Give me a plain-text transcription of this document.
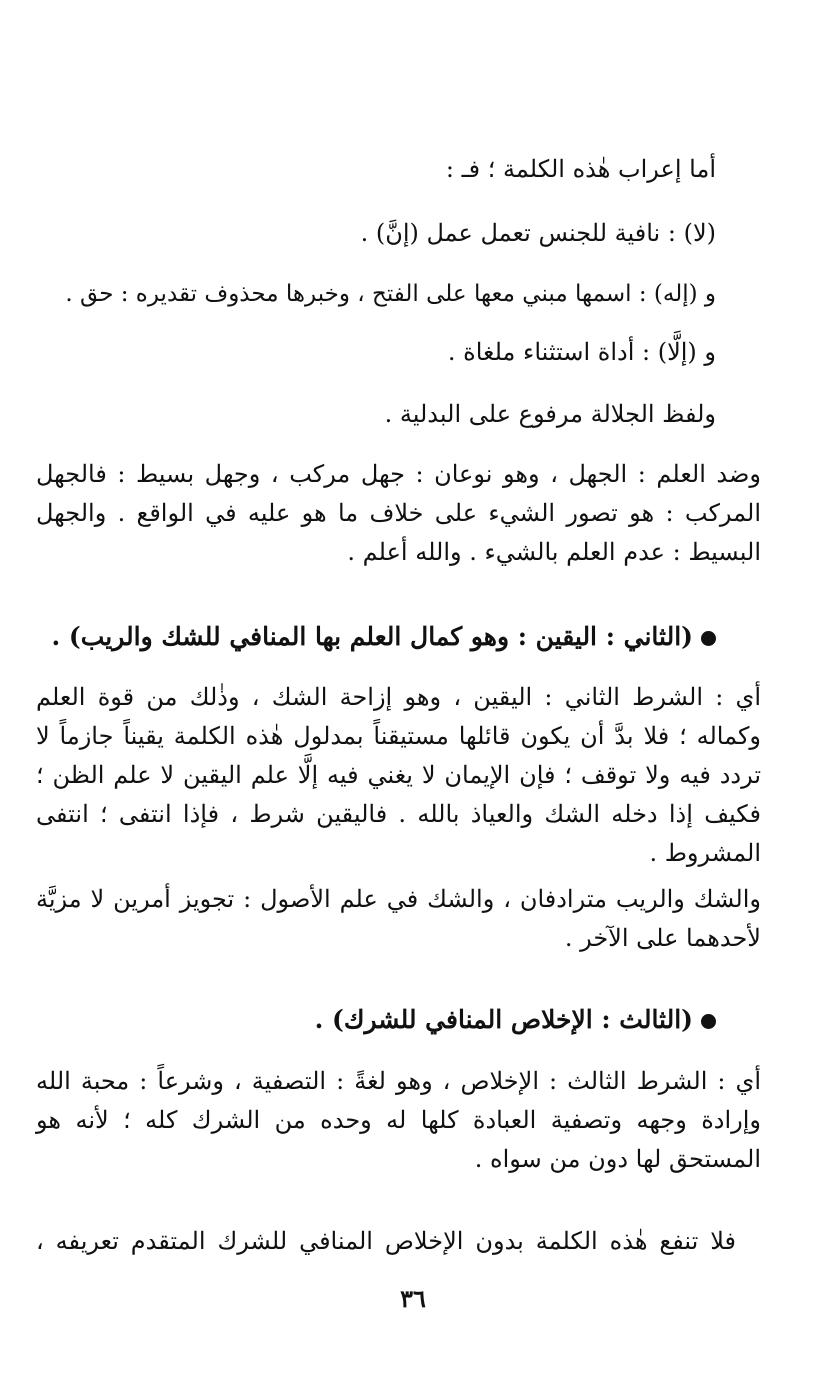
أما إعراب هٰذه الكلمة ؛ فـ :

(لا) : نافية للجنس تعمل عمل (إنَّ) .

و (إله) : اسمها مبني معها على الفتح ، وخبرها محذوف تقديره : حق .

و (إلَّا) : أداة استثناء ملغاة .

ولفظ الجلالة مرفوع على البدلية .

وضد العلم : الجهل ، وهو نوعان : جهل مركب ، وجهل بسيط : فالجهل المركب : هو تصور الشيء على خلاف ما هو عليه في الواقع . والجهل البسيط : عدم العلم بالشيء . والله أعلم .

(الثاني : اليقين : وهو كمال العلم بها المنافي للشك والريب) .

أي : الشرط الثاني : اليقين ، وهو إزاحة الشك ، وذٰلك من قوة العلم وكماله ؛ فلا بدَّ أن يكون قائلها مستيقناً بمدلول هٰذه الكلمة يقيناً جازماً لا تردد فيه ولا توقف ؛ فإن الإيمان لا يغني فيه إلَّا علم اليقين لا علم الظن ؛ فكيف إذا دخله الشك والعياذ بالله . فاليقين شرط ، فإذا انتفى ؛ انتفى المشروط .

والشك والريب مترادفان ، والشك في علم الأصول : تجويز أمرين لا مزيَّة لأحدهما على الآخر .

(الثالث : الإخلاص المنافي للشرك) .

أي : الشرط الثالث : الإخلاص ، وهو لغةً : التصفية ، وشرعاً : محبة الله وإرادة وجهه وتصفية العبادة كلها له وحده من الشرك كله ؛ لأنه هو المستحق لها دون من سواه .

فلا تنفع هٰذه الكلمة بدون الإخلاص المنافي للشرك المتقدم تعريفه ،

٣٦
